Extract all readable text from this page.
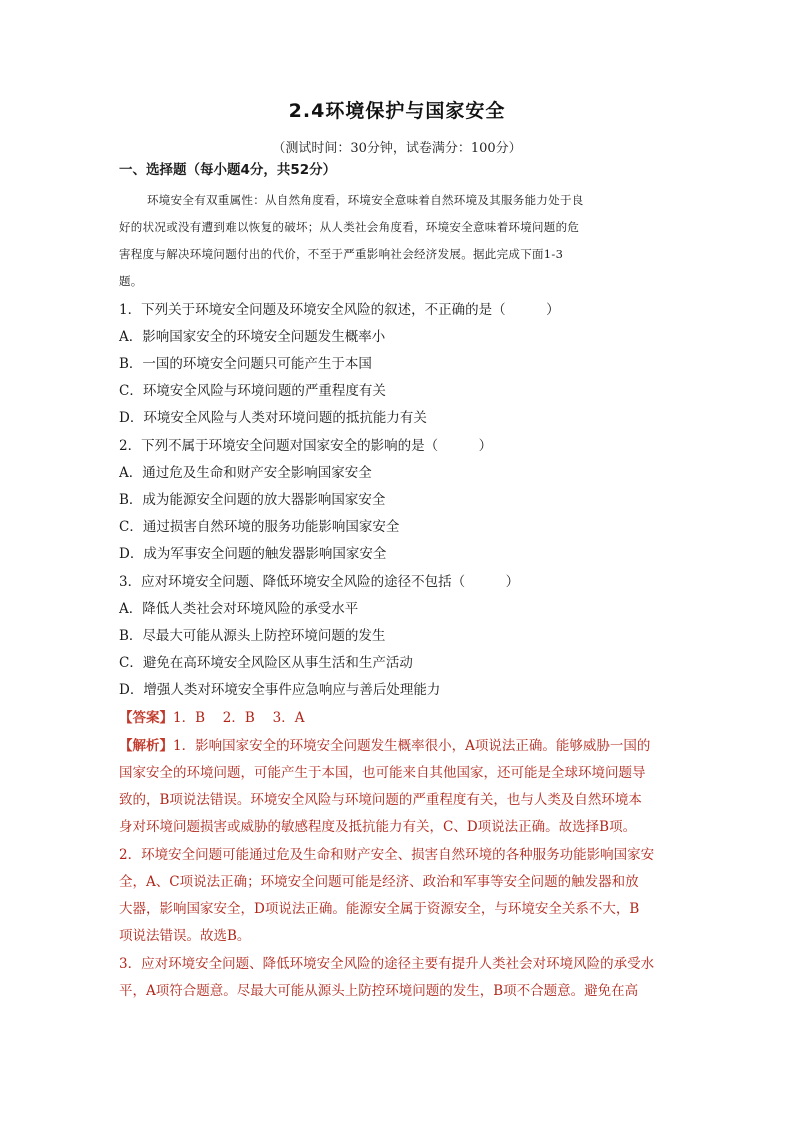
2.4环境保护与国家安全
（测试时间：30分钟，试卷满分：100分）
一、选择题（每小题4分，共52分）
环境安全有双重属性：从自然角度看，环境安全意味着自然环境及其服务能力处于良
好的状况或没有遭到难以恢复的破坏；从人类社会角度看，环境安全意味着环境问题的危
害程度与解决环境问题付出的代价，不至于严重影响社会经济发展。据此完成下面1-3
题。
1．下列关于环境安全问题及环境安全风险的叙述，不正确的是（　　　）
A．影响国家安全的环境安全问题发生概率小
B．一国的环境安全问题只可能产生于本国
C．环境安全风险与环境问题的严重程度有关
D．环境安全风险与人类对环境问题的抵抗能力有关
2．下列不属于环境安全问题对国家安全的影响的是（　　　）
A．通过危及生命和财产安全影响国家安全
B．成为能源安全问题的放大器影响国家安全
C．通过损害自然环境的服务功能影响国家安全
D．成为军事安全问题的触发器影响国家安全
3．应对环境安全问题、降低环境安全风险的途径不包括（　　　）
A．降低人类社会对环境风险的承受水平
B．尽最大可能从源头上防控环境问题的发生
C．避免在高环境安全风险区从事生活和生产活动
D．增强人类对环境安全事件应急响应与善后处理能力
【答案】1．B　 2．B　 3．A
【解析】1．影响国家安全的环境安全问题发生概率很小，A项说法正确。能够威胁一国的
国家安全的环境问题，可能产生于本国，也可能来自其他国家，还可能是全球环境问题导
致的，B项说法错误。环境安全风险与环境问题的严重程度有关，也与人类及自然环境本
身对环境问题损害或威胁的敏感程度及抵抗能力有关，C、D项说法正确。故选择B项。
2．环境安全问题可能通过危及生命和财产安全、损害自然环境的各种服务功能影响国家安
全，A、C项说法正确；环境安全问题可能是经济、政治和军事等安全问题的触发器和放
大器，影响国家安全，D项说法正确。能源安全属于资源安全，与环境安全关系不大，B
项说法错误。故选B。
3．应对环境安全问题、降低环境安全风险的途径主要有提升人类社会对环境风险的承受水
平，A项符合题意。尽最大可能从源头上防控环境问题的发生，B项不合题意。避免在高
